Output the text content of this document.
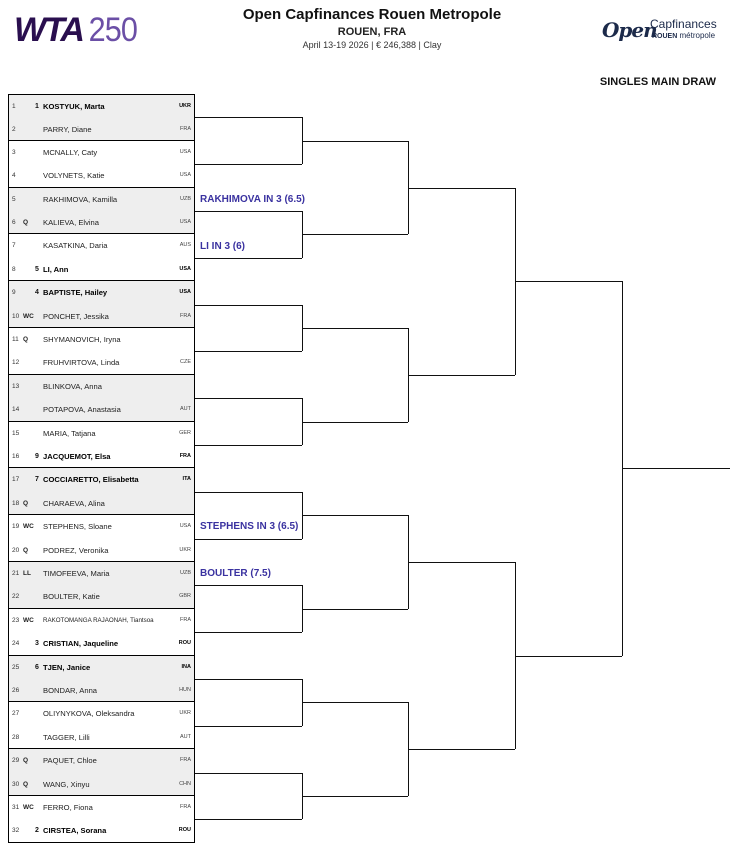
WTA 250	Open Capfinances Rouen Metropole
ROUEN, FRA
April 13-19 2026 | € 246,388 | Clay
Open
Capfinances
ROUEN métropole
SINGLES MAIN DRAW
1	1 KOSTYUK, Marta	UKR
2	PARRY, Diane	FRA
3	MCNALLY, Caty	USA
4	VOLYNETS, Katie	USA
5	RAKHIMOVA, Kamilla	UZB
6 Q KALIEVA, Elvina	USA
7	KASATKINA, Daria	AUS
8	5 LI, Ann	USA
9	4 BAPTISTE, Hailey	USA
10 WC PONCHET, Jessika	FRA
11 Q SHYMANOVICH, Iryna
12	FRUHVIRTOVA, Linda	CZE
13	BLINKOVA, Anna
14	POTAPOVA, Anastasia	AUT
15	MARIA, Tatjana	GER
16 9 JACQUEMOT, Elsa	FRA
17 7 COCCIARETTO, Elisabetta	ITA
18 Q CHARAEVA, Alina
19 WC STEPHENS, Sloane	USA
20 Q PODREZ, Veronika	UKR
21 LL TIMOFEEVA, Maria	UZB
22	BOULTER, Katie	GBR
23 WC RAKOTOMANGA RAJAONAH, Tiantsoa	FRA
24 3 CRISTIAN, Jaqueline	ROU
25 6 TJEN, Janice	INA
26	BONDAR, Anna	HUN
27	OLIYNYKOVA, Oleksandra	UKR
28	TAGGER, Lilli	AUT
29 Q PAQUET, Chloe	FRA
30 Q WANG, Xinyu	CHN
31 WC FERRO, Fiona	FRA
32 2 CIRSTEA, Sorana	ROU
RAKHIMOVA IN 3 (6.5)
LI IN 3 (6)
STEPHENS IN 3 (6.5)
BOULTER (7.5)
